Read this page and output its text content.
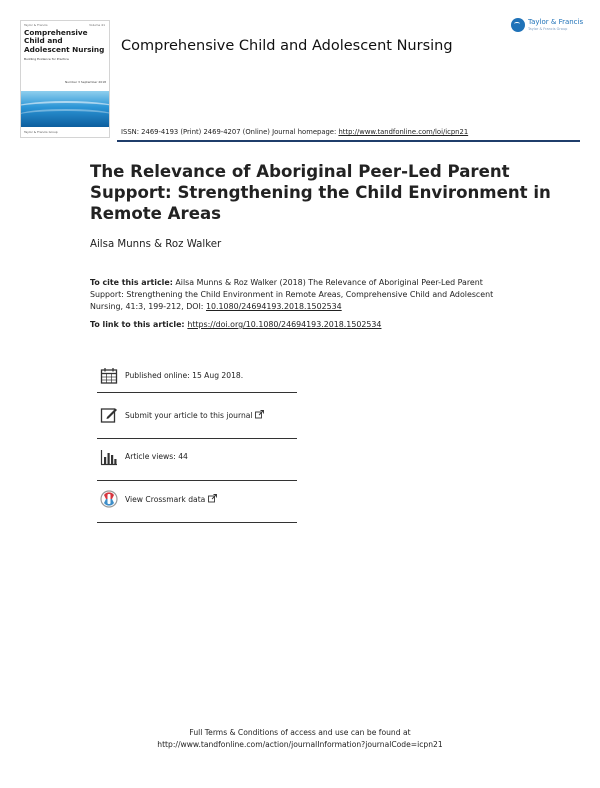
Taylor & Francis	Volume 41
Comprehensive Child and Adolescent Nursing
Building Evidence for Practice
Number 3 September 2018
Taylor & Francis Group
Comprehensive Child and Adolescent Nursing
Taylor & Francis
Taylor & Francis Group
ISSN: 2469-4193 (Print) 2469-4207 (Online) Journal homepage: http://www.tandfonline.com/loi/icpn21
The Relevance of Aboriginal Peer-Led Parent Support: Strengthening the Child Environment in Remote Areas
Ailsa Munns & Roz Walker
To cite this article: Ailsa Munns & Roz Walker (2018) The Relevance of Aboriginal Peer-Led Parent Support: Strengthening the Child Environment in Remote Areas, Comprehensive Child and Adolescent Nursing, 41:3, 199-212, DOI: 10.1080/24694193.2018.1502534
To link to this article: https://doi.org/10.1080/24694193.2018.1502534
Published online: 15 Aug 2018.
Submit your article to this journal
Article views: 44
View Crossmark data
Full Terms & Conditions of access and use can be found at
http://www.tandfonline.com/action/journalInformation?journalCode=icpn21
